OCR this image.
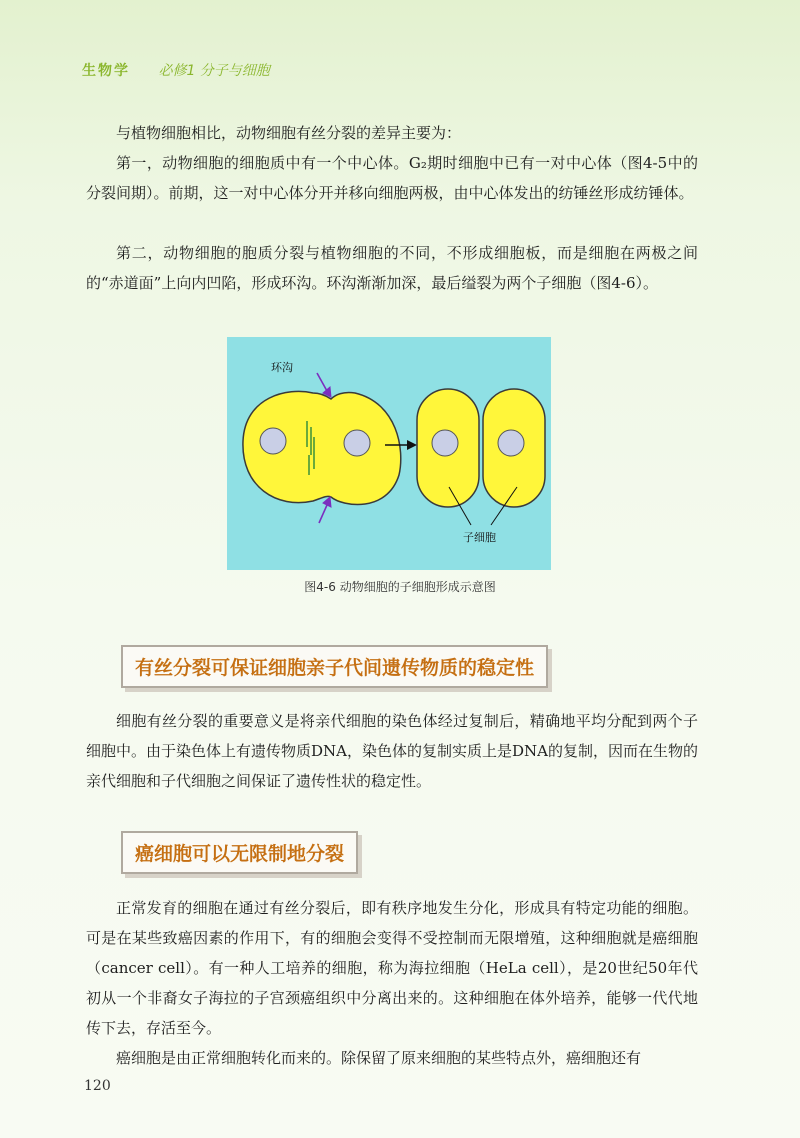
生物学 必修1 分子与细胞

与植物细胞相比，动物细胞有丝分裂的差异主要为：

第一，动物细胞的细胞质中有一个中心体。G₂期时细胞中已有一对中心体（图4-5中的分裂间期）。前期，这一对中心体分开并移向细胞两极，由中心体发出的纺锤丝形成纺锤体。

第二，动物细胞的胞质分裂与植物细胞的不同，不形成细胞板，而是细胞在两极之间的“赤道面”上向内凹陷，形成环沟。环沟渐渐加深，最后缢裂为两个子细胞（图4-6）。

环沟
子细胞
图4-6 动物细胞的子细胞形成示意图
有丝分裂可保证细胞亲子代间遗传物质的稳定性

细胞有丝分裂的重要意义是将亲代细胞的染色体经过复制后，精确地平均分配到两个子细胞中。由于染色体上有遗传物质DNA，染色体的复制实质上是DNA的复制，因而在生物的亲代细胞和子代细胞之间保证了遗传性状的稳定性。

癌细胞可以无限制地分裂

正常发育的细胞在通过有丝分裂后，即有秩序地发生分化，形成具有特定功能的细胞。可是在某些致癌因素的作用下，有的细胞会变得不受控制而无限增殖，这种细胞就是癌细胞（cancer cell）。有一种人工培养的细胞，称为海拉细胞（HeLa cell），是20世纪50年代初从一个非裔女子海拉的子宫颈癌组织中分离出来的。这种细胞在体外培养，能够一代代地传下去，存活至今。

癌细胞是由正常细胞转化而来的。除保留了原来细胞的某些特点外，癌细胞还有

120
